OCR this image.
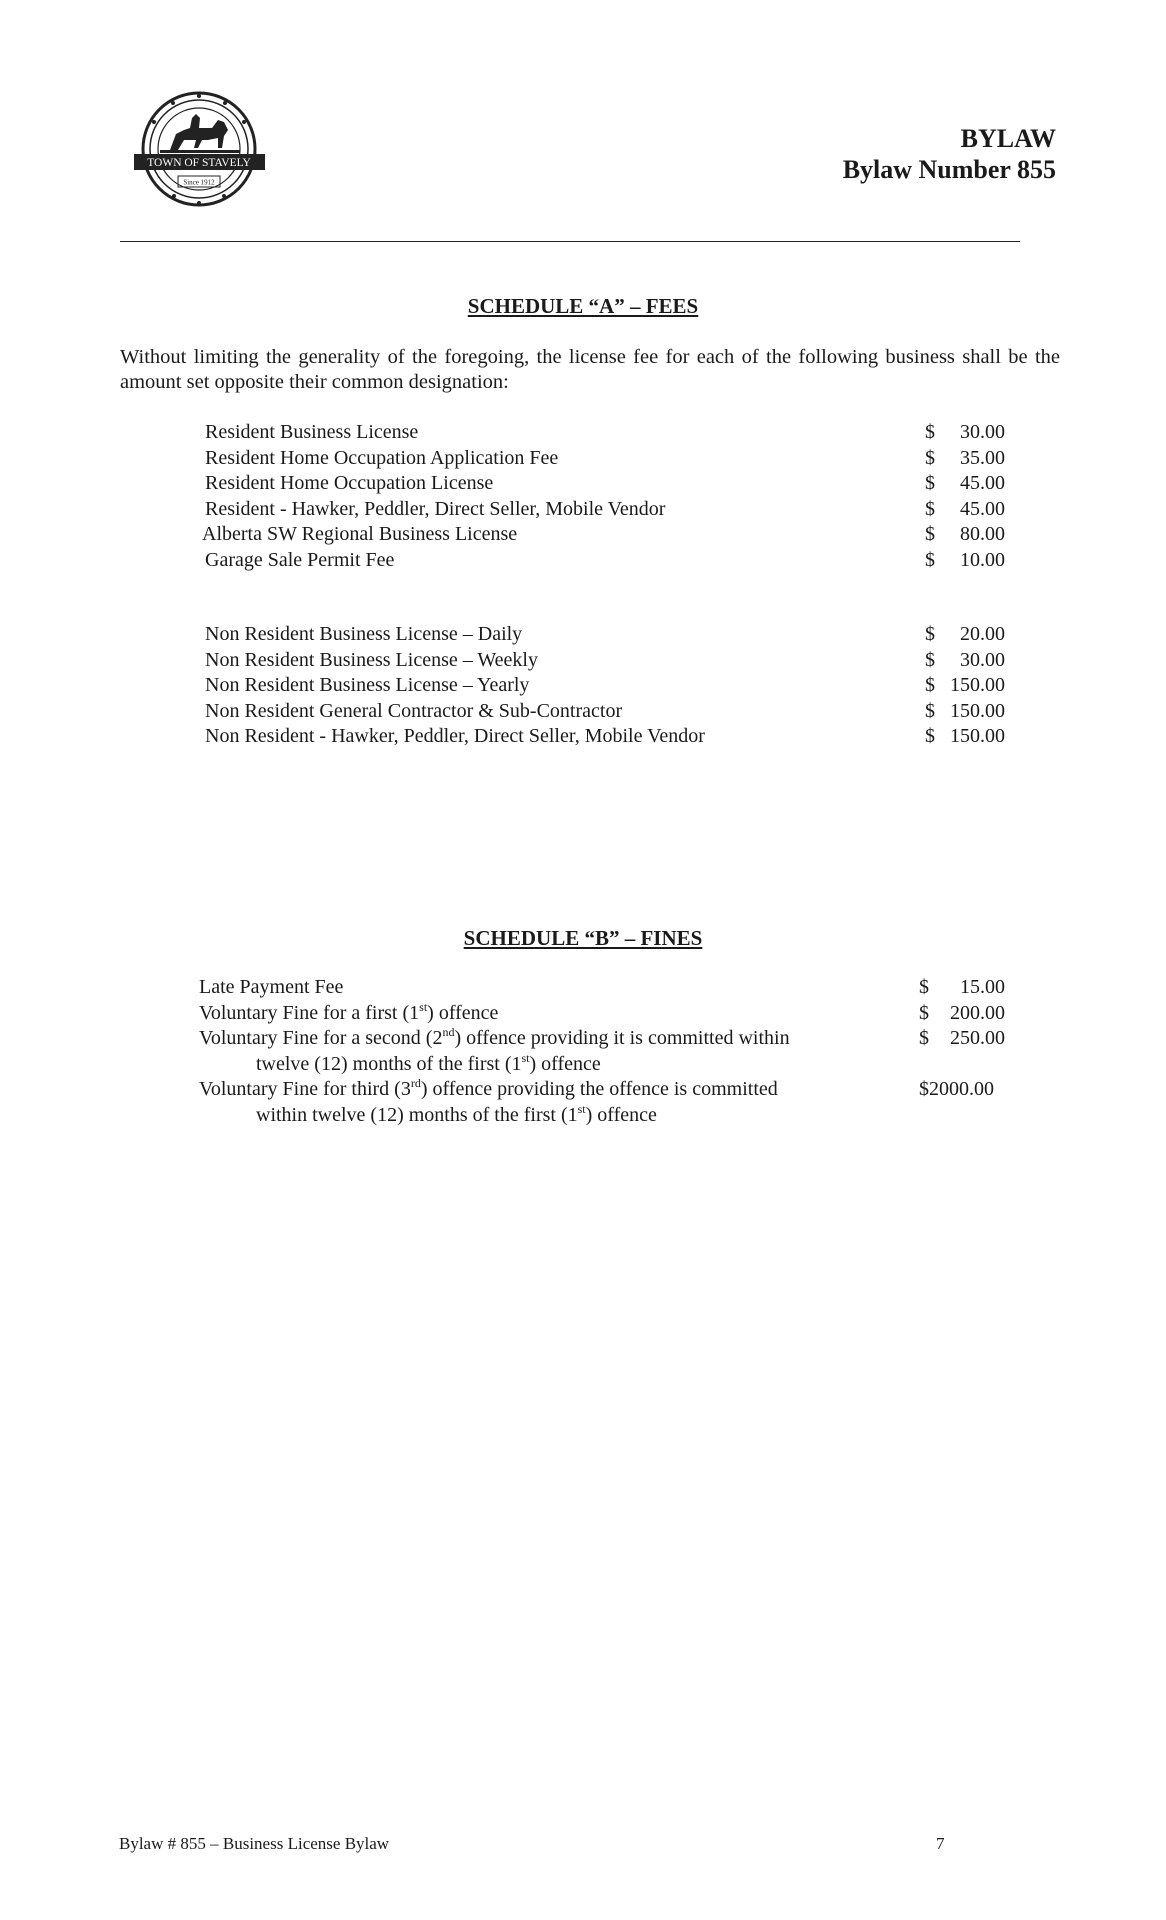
TOWN OF STAVELY
Since 1912
BYLAW
Bylaw Number 855
SCHEDULE “A” – FEES
Without limiting the generality of the foregoing, the license fee for each of the following business shall be the amount set opposite their common designation:
Resident Business License	$ 30.00
Resident Home Occupation Application Fee	$ 35.00
Resident Home Occupation License	$ 45.00
Resident - Hawker, Peddler, Direct Seller, Mobile Vendor	$ 45.00
Alberta SW Regional Business License	$ 80.00
Garage Sale Permit Fee	$ 10.00
Non Resident Business License – Daily	$ 20.00
Non Resident Business License – Weekly	$ 30.00
Non Resident Business License – Yearly	$ 150.00
Non Resident General Contractor & Sub-Contractor	$ 150.00
Non Resident - Hawker, Peddler, Direct Seller, Mobile Vendor	$ 150.00
SCHEDULE “B” – FINES
Late Payment Fee	$ 15.00
Voluntary Fine for a first (1st) offence	$ 200.00
Voluntary Fine for a second (2nd) offence providing it is committed within
twelve (12) months of the first (1st) offence
$ 250.00
Voluntary Fine for third (3rd) offence providing the offence is committed
within twelve (12) months of the first (1st) offence
$2000.00
Bylaw # 855 – Business License Bylaw	7
